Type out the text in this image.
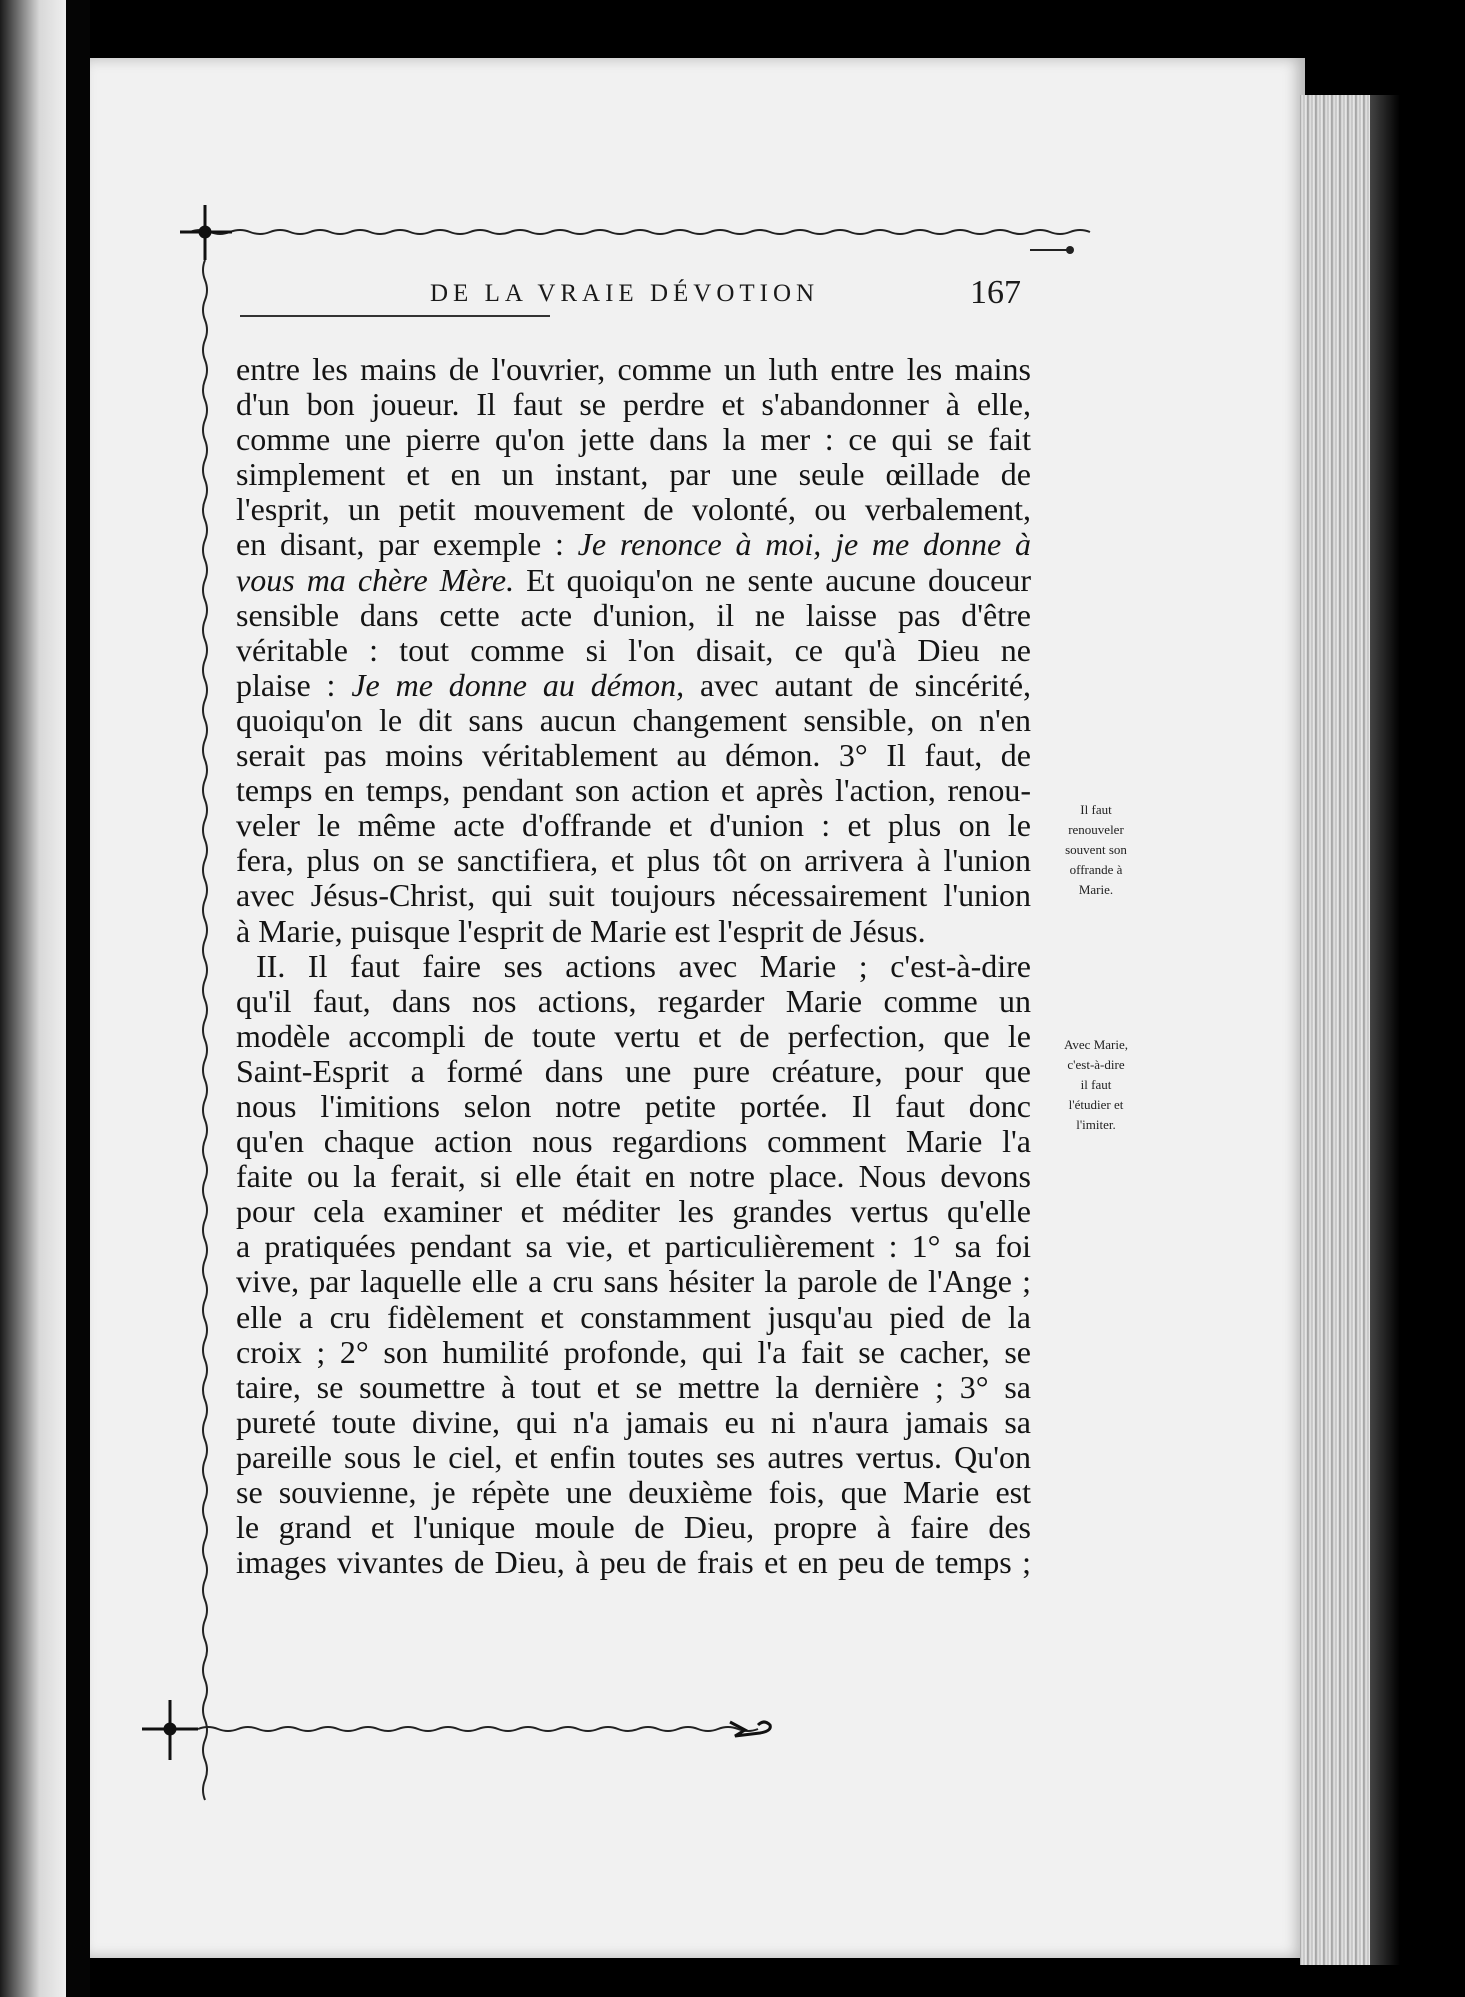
DE LA VRAIE DÉVOTION	167
entre les mains de l'ouvrier, comme un luth entre les mains
d'un bon joueur. Il faut se perdre et s'abandonner à elle,
comme une pierre qu'on jette dans la mer : ce qui se fait
simplement et en un instant, par une seule œillade de
l'esprit, un petit mouvement de volonté, ou verbalement,
en disant, par exemple : Je renonce à moi, je me donne à
vous ma chère Mère. Et quoiqu'on ne sente aucune douceur
sensible dans cette acte d'union, il ne laisse pas d'être
véritable : tout comme si l'on disait, ce qu'à Dieu ne
plaise : Je me donne au démon, avec autant de sincérité,
quoiqu'on le dit sans aucun changement sensible, on n'en
serait pas moins véritablement au démon. 3° Il faut, de
temps en temps, pendant son action et après l'action, renou-
veler le même acte d'offrande et d'union : et plus on le
fera, plus on se sanctifiera, et plus tôt on arrivera à l'union
avec Jésus-Christ, qui suit toujours nécessairement l'union
à Marie, puisque l'esprit de Marie est l'esprit de Jésus.
II. Il faut faire ses actions avec Marie ; c'est-à-dire
qu'il faut, dans nos actions, regarder Marie comme un
modèle accompli de toute vertu et de perfection, que le
Saint-Esprit a formé dans une pure créature, pour que
nous l'imitions selon notre petite portée. Il faut donc
qu'en chaque action nous regardions comment Marie l'a
faite ou la ferait, si elle était en notre place. Nous devons
pour cela examiner et méditer les grandes vertus qu'elle
a pratiquées pendant sa vie, et particulièrement : 1° sa foi
vive, par laquelle elle a cru sans hésiter la parole de l'Ange ;
elle a cru fidèlement et constamment jusqu'au pied de la
croix ; 2° son humilité profonde, qui l'a fait se cacher, se
taire, se soumettre à tout et se mettre la dernière ; 3° sa
pureté toute divine, qui n'a jamais eu ni n'aura jamais sa
pareille sous le ciel, et enfin toutes ses autres vertus. Qu'on
se souvienne, je répète une deuxième fois, que Marie est
le grand et l'unique moule de Dieu, propre à faire des
images vivantes de Dieu, à peu de frais et en peu de temps ;
Il faut
renouveler
souvent son
offrande à
Marie.
Avec Marie,
c'est-à-dire
il faut
l'étudier et
l'imiter.
